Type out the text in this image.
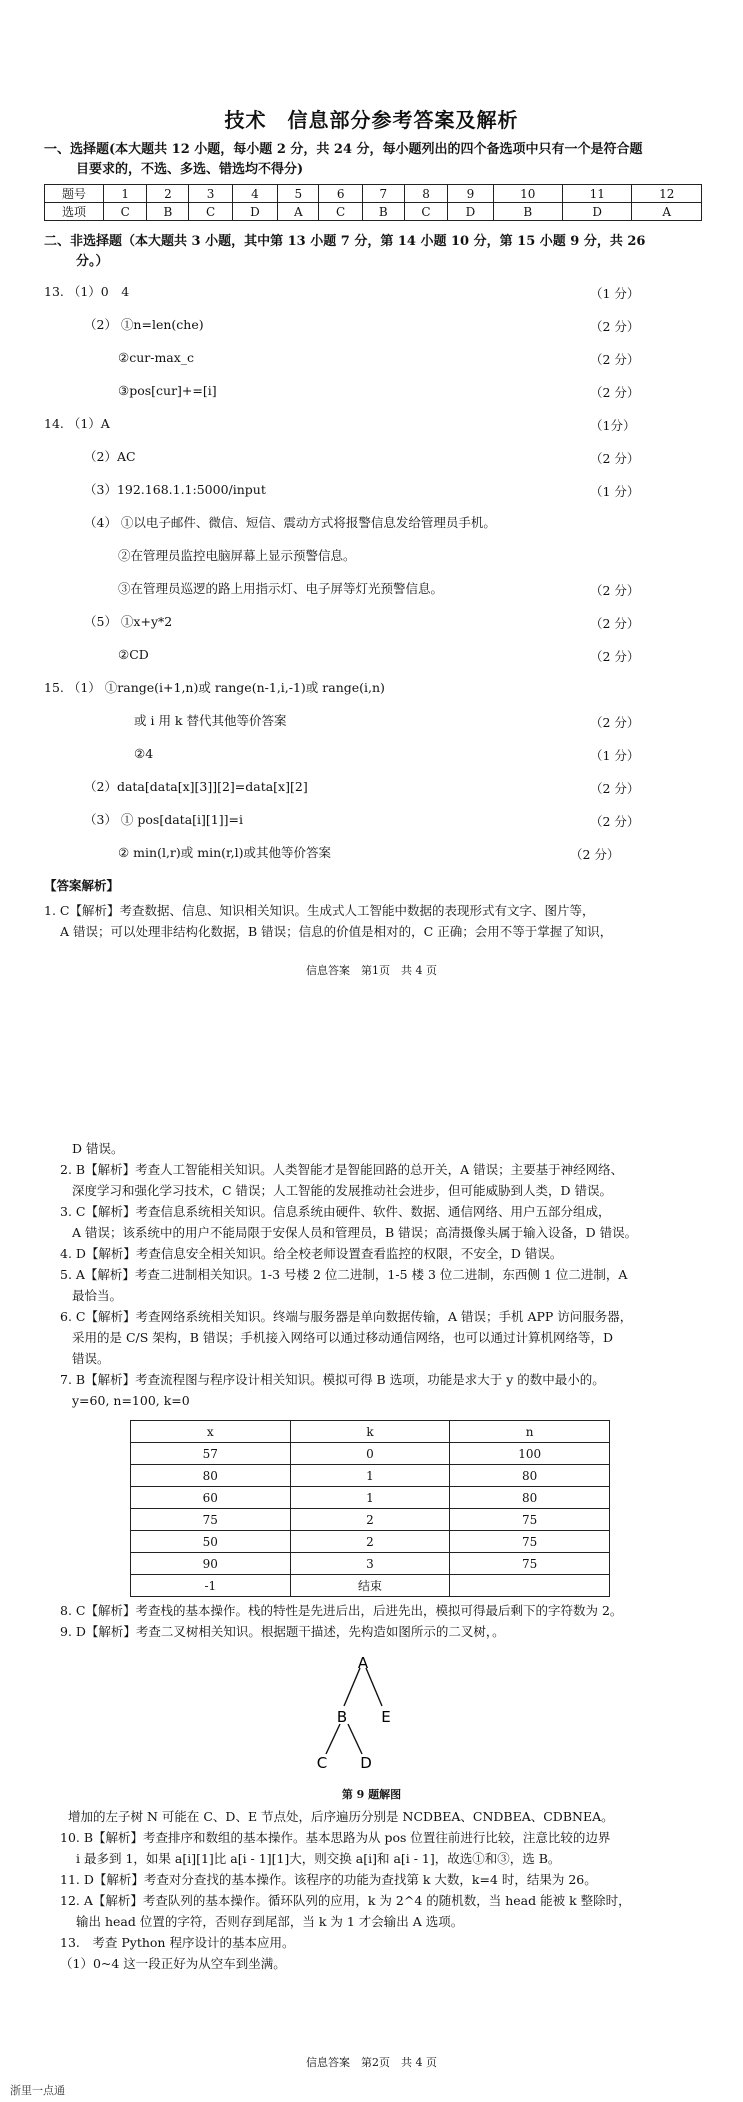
技术　信息部分参考答案及解析
一、选择题(本大题共 12 小题，每小题 2 分，共 24 分，每小题列出的四个备选项中只有一个是符合题
目要求的，不选、多选、错选均不得分)
题号	1	2	3	4	5	6	7	8	9	10	11	12
选项	C	B	C	D	A	C	B	C	D	B	D	A
二、非选择题（本大题共 3 小题，其中第 13 小题 7 分，第 14 小题 10 分，第 15 小题 9 分，共 26
分。）
13. （1）0　4	（1 分）
（2） ①n=len(che)	（2 分）
②cur-max_c	（2 分）
③pos[cur]+=[i]	（2 分）
14. （1）A	（1分）
（2）AC	（2 分）
（3）192.168.1.1:5000/input	（1 分）
（4） ①以电子邮件、微信、短信、震动方式将报警信息发给管理员手机。
②在管理员监控电脑屏幕上显示预警信息。
③在管理员巡逻的路上用指示灯、电子屏等灯光预警信息。	（2 分）
（5） ①x+y*2	（2 分）
②CD	（2 分）
15. （1） ①range(i+1,n)或 range(n-1,i,-1)或 range(i,n)
或 i 用 k 替代其他等价答案	（2 分）
②4	（1 分）
（2）data[data[x][3]][2]=data[x][2]	（2 分）
（3） ① pos[data[i][1]]=i	（2 分）
② min(l,r)或 min(r,l)或其他等价答案	（2 分）
【答案解析】
1. C【解析】考查数据、信息、知识相关知识。生成式人工智能中数据的表现形式有文字、图片等，
A 错误；可以处理非结构化数据，B 错误；信息的价值是相对的，C 正确；会用不等于掌握了知识，
信息答案　第1页　共 4 页
D 错误。
2. B【解析】考查人工智能相关知识。人类智能才是智能回路的总开关，A 错误；主要基于神经网络、
深度学习和强化学习技术，C 错误；人工智能的发展推动社会进步，但可能威胁到人类，D 错误。
3. C【解析】考查信息系统相关知识。信息系统由硬件、软件、数据、通信网络、用户五部分组成，
A 错误；该系统中的用户不能局限于安保人员和管理员，B 错误；高清摄像头属于输入设备，D 错误。
4. D【解析】考查信息安全相关知识。给全校老师设置查看监控的权限，不安全，D 错误。
5. A【解析】考查二进制相关知识。1-3 号楼 2 位二进制，1-5 楼 3 位二进制，东西侧 1 位二进制，A
最恰当。
6. C【解析】考查网络系统相关知识。终端与服务器是单向数据传输，A 错误；手机 APP 访问服务器，
采用的是 C/S 架构，B 错误；手机接入网络可以通过移动通信网络，也可以通过计算机网络等，D
错误。
7. B【解析】考查流程图与程序设计相关知识。模拟可得 B 选项，功能是求大于 y 的数中最小的。
y=60, n=100, k=0
x	k	n
57	0	100
80	1	80
60	1	80
75	2	75
50	2	75
90	3	75
-1	结束	
8. C【解析】考查栈的基本操作。栈的特性是先进后出，后进先出，模拟可得最后剩下的字符数为 2。
9. D【解析】考查二叉树相关知识。根据题干描述，先构造如图所示的二叉树，。
A
B E
C D
第 9 题解图
增加的左子树 N 可能在 C、D、E 节点处，后序遍历分别是 NCDBEA、CNDBEA、CDBNEA。
10. B【解析】考查排序和数组的基本操作。基本思路为从 pos 位置往前进行比较，注意比较的边界
i 最多到 1，如果 a[i][1]比 a[i - 1][1]大，则交换 a[i]和 a[i - 1]，故选①和③，选 B。
11. D【解析】考查对分查找的基本操作。该程序的功能为查找第 k 大数，k=4 时，结果为 26。
12. A【解析】考查队列的基本操作。循环队列的应用，k 为 2^4 的随机数，当 head 能被 k 整除时，
输出 head 位置的字符，否则存到尾部，当 k 为 1 才会输出 A 选项。
13.　考查 Python 程序设计的基本应用。
（1）0~4 这一段正好为从空车到坐满。
信息答案　第2页　共 4 页
浙里一点通
